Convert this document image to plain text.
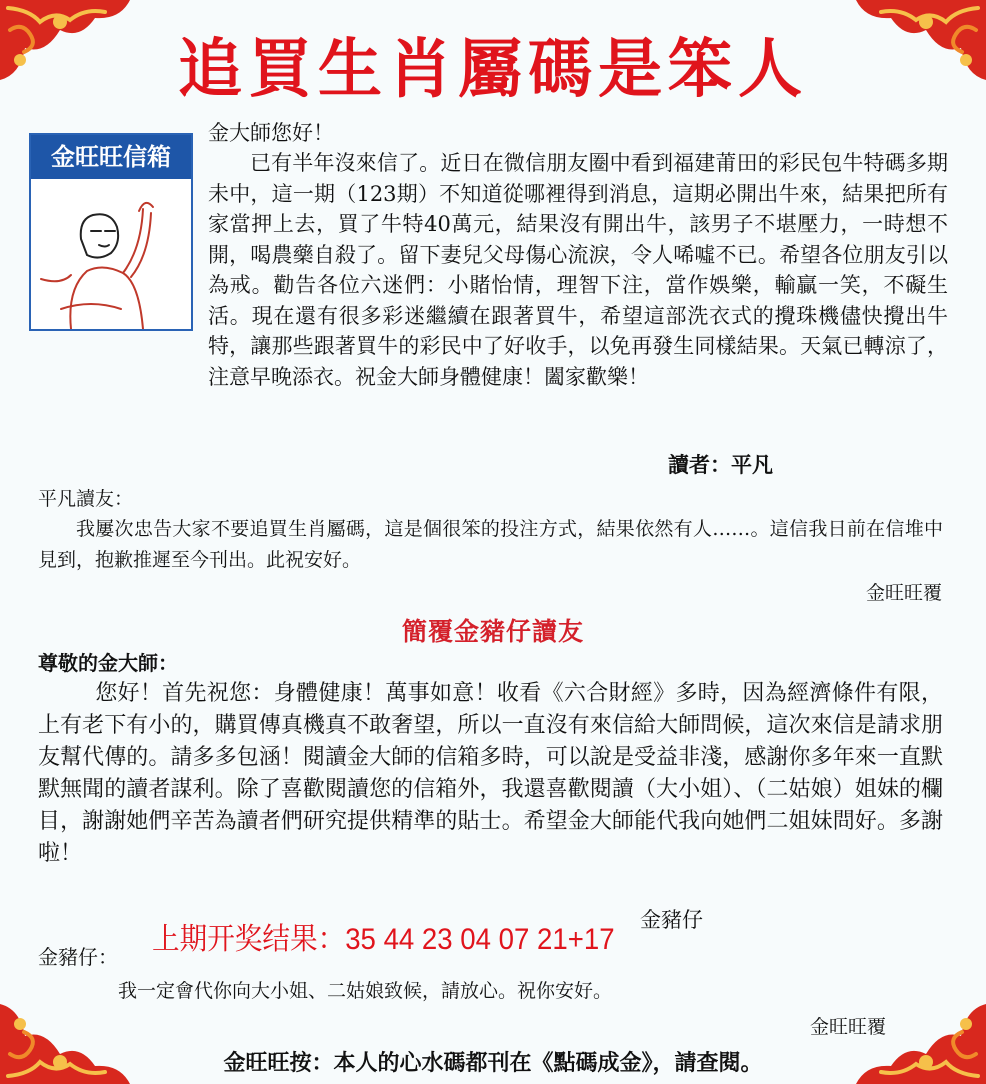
追買生肖屬碼是笨人
金旺旺信箱
金大師您好！

已有半年沒來信了。近日在微信朋友圈中看到福建莆田的彩民包牛特碼多期未中，這一期（123期）不知道從哪裡得到消息，這期必開出牛來，結果把所有家當押上去，買了牛特40萬元，結果沒有開出牛，該男子不堪壓力，一時想不開，喝農藥自殺了。留下妻兒父母傷心流淚，令人唏噓不已。希望各位朋友引以為戒。勸告各位六迷們：小賭怡情，理智下注，當作娛樂，輸贏一笑，不礙生活。現在還有很多彩迷繼續在跟著買牛，希望這部洗衣式的攪珠機儘快攪出牛特，讓那些跟著買牛的彩民中了好收手，以免再發生同樣結果。天氣已轉涼了，注意早晚添衣。祝金大師身體健康！闔家歡樂！

讀者：平凡
平凡讀友：

我屢次忠告大家不要追買生肖屬碼，這是個很笨的投注方式，結果依然有人……。這信我日前在信堆中見到，抱歉推遲至今刊出。此祝安好。

金旺旺覆
簡覆金豬仔讀友
尊敬的金大師：

您好！首先祝您：身體健康！萬事如意！收看《六合財經》多時，因為經濟條件有限，上有老下有小的，購買傳真機真不敢奢望，所以一直沒有來信給大師問候，這次來信是請求朋友幫代傳的。請多多包涵！閱讀金大師的信箱多時，可以說是受益非淺，感謝你多年來一直默默無聞的讀者謀利。除了喜歡閱讀您的信箱外，我還喜歡閱讀（大小姐）、（二姑娘）姐妹的欄目，謝謝她們辛苦為讀者們研究提供精準的貼士。希望金大師能代我向她們二姐妹問好。多謝啦！

金豬仔
金豬仔：
上期开奖结果：35 44 23 04 07 21+17
我一定會代你向大小姐、二姑娘致候，請放心。祝你安好。
金旺旺覆
金旺旺按：本人的心水碼都刊在《點碼成金》，請查閱。
